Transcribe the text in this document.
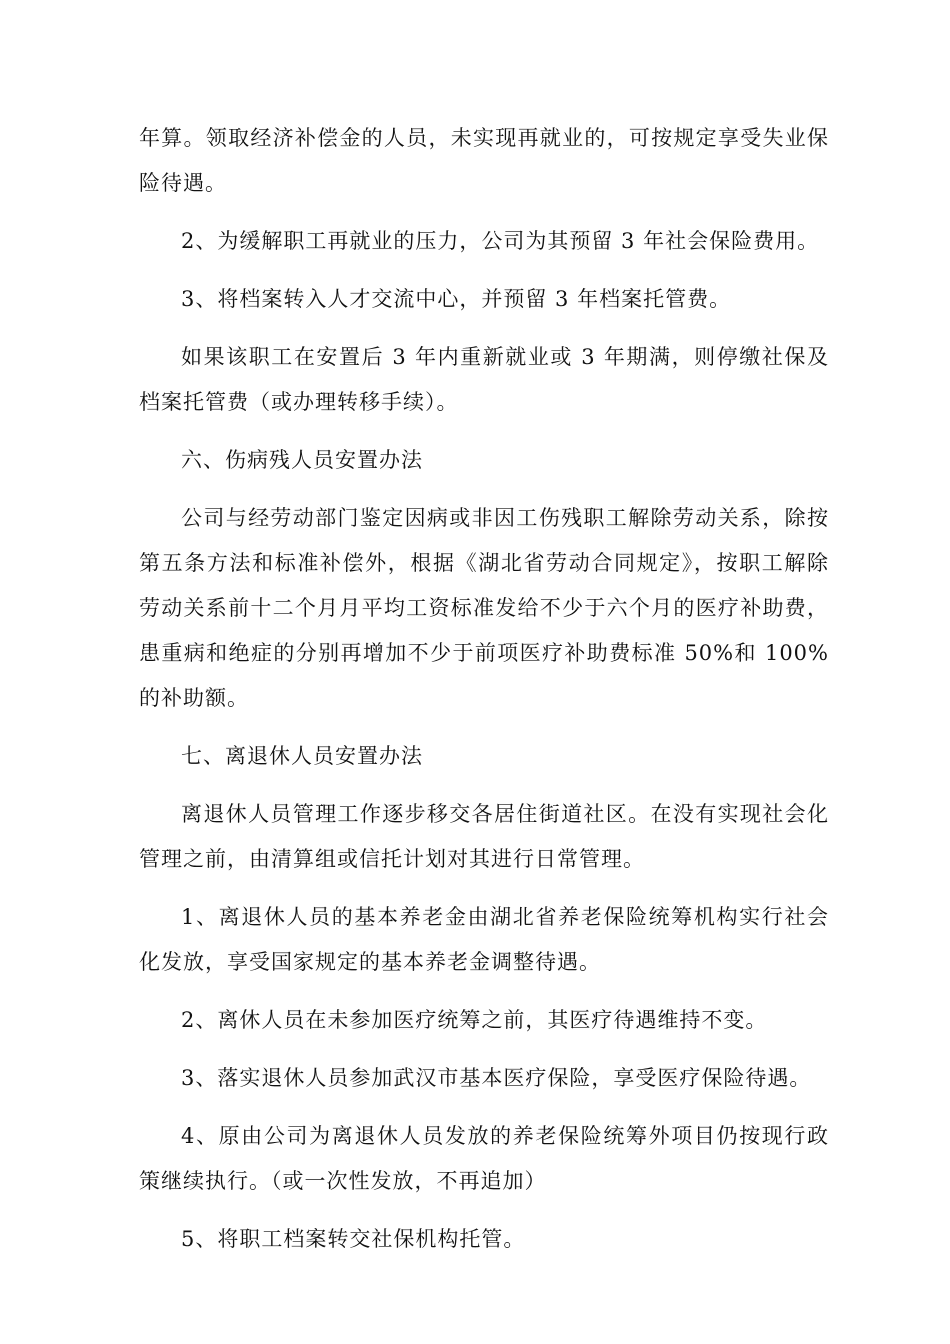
年算。领取经济补偿金的人员，未实现再就业的，可按规定享受失业保险待遇。

2、为缓解职工再就业的压力，公司为其预留 3 年社会保险费用。

3、将档案转入人才交流中心，并预留 3 年档案托管费。

如果该职工在安置后 3 年内重新就业或 3 年期满，则停缴社保及档案托管费（或办理转移手续）。

六、伤病残人员安置办法

公司与经劳动部门鉴定因病或非因工伤残职工解除劳动关系，除按第五条方法和标准补偿外，根据《湖北省劳动合同规定》，按职工解除劳动关系前十二个月月平均工资标准发给不少于六个月的医疗补助费，患重病和绝症的分别再增加不少于前项医疗补助费标准 50%和 100%的补助额。

七、离退休人员安置办法

离退休人员管理工作逐步移交各居住街道社区。在没有实现社会化管理之前，由清算组或信托计划对其进行日常管理。

1、离退休人员的基本养老金由湖北省养老保险统筹机构实行社会化发放，享受国家规定的基本养老金调整待遇。

2、离休人员在未参加医疗统筹之前，其医疗待遇维持不变。

3、落实退休人员参加武汉市基本医疗保险，享受医疗保险待遇。

4、原由公司为离退休人员发放的养老保险统筹外项目仍按现行政策继续执行。（或一次性发放，不再追加）

5、将职工档案转交社保机构托管。
